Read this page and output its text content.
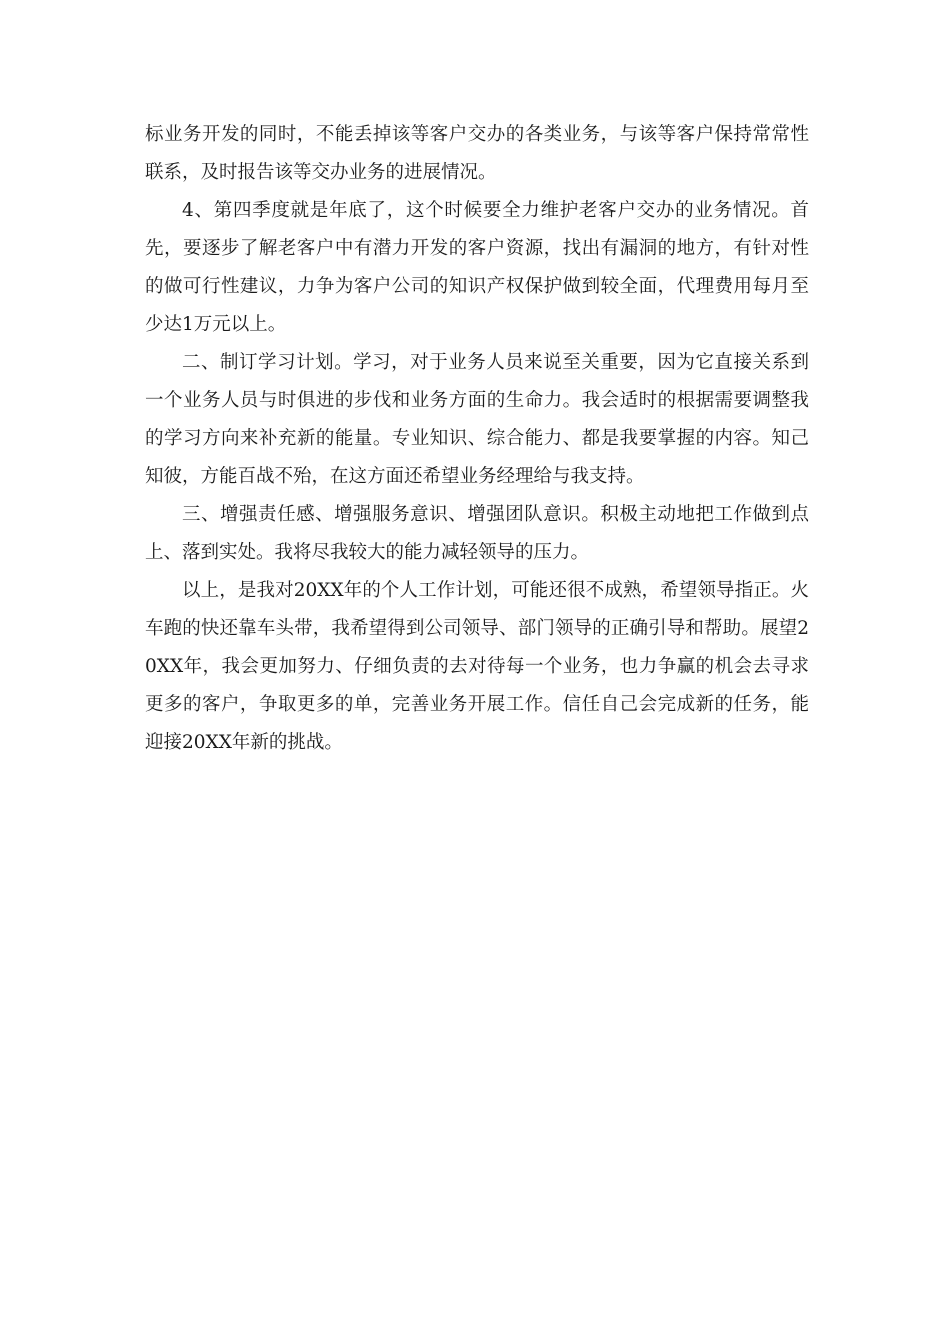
标业务开发的同时，不能丢掉该等客户交办的各类业务，与该等客户保持常常性联系，及时报告该等交办业务的进展情况。

4、第四季度就是年底了，这个时候要全力维护老客户交办的业务情况。首先，要逐步了解老客户中有潜力开发的客户资源，找出有漏洞的地方，有针对性的做可行性建议，力争为客户公司的知识产权保护做到较全面，代理费用每月至少达1万元以上。

二、制订学习计划。学习，对于业务人员来说至关重要，因为它直接关系到一个业务人员与时俱进的步伐和业务方面的生命力。我会适时的根据需要调整我的学习方向来补充新的能量。专业知识、综合能力、都是我要掌握的内容。知己知彼，方能百战不殆，在这方面还希望业务经理给与我支持。

三、增强责任感、增强服务意识、增强团队意识。积极主动地把工作做到点上、落到实处。我将尽我较大的能力减轻领导的压力。

以上，是我对20XX年的个人工作计划，可能还很不成熟，希望领导指正。火车跑的快还靠车头带，我希望得到公司领导、部门领导的正确引导和帮助。展望20XX年，我会更加努力、仔细负责的去对待每一个业务，也力争赢的机会去寻求更多的客户，争取更多的单，完善业务开展工作。信任自己会完成新的任务，能迎接20XX年新的挑战。
